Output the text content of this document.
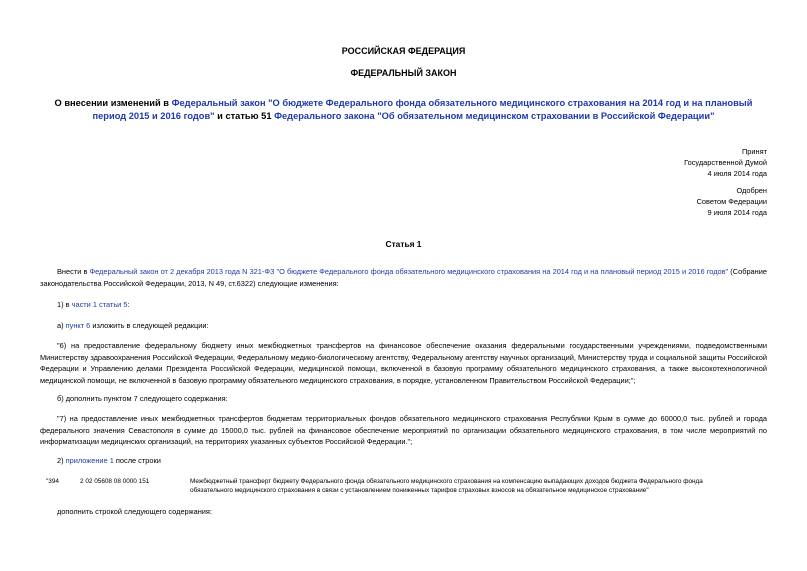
РОССИЙСКАЯ ФЕДЕРАЦИЯ
ФЕДЕРАЛЬНЫЙ ЗАКОН
О внесении изменений в Федеральный закон "О бюджете Федерального фонда обязательного медицинского страхования на 2014 год и на плановый период 2015 и 2016 годов" и статью 51 Федерального закона "Об обязательном медицинском страховании в Российской Федерации"
Принят
Государственной Думой
4 июля 2014 года
Одобрен
Советом Федерации
9 июля 2014 года
Статья 1
Внести в Федеральный закон от 2 декабря 2013 года N 321-ФЗ "О бюджете Федерального фонда обязательного медицинского страхования на 2014 год и на плановый период 2015 и 2016 годов" (Собрание законодательства Российской Федерации, 2013, N 49, ст.6322) следующие изменения:
1) в части 1 статьи 5:
а) пункт 6 изложить в следующей редакции:
"6) на предоставление федеральному бюджету иных межбюджетных трансфертов на финансовое обеспечение оказания федеральными государственными учреждениями, подведомственными Министерству здравоохранения Российской Федерации, Федеральному медико-биологическому агентству, Федеральному агентству научных организаций, Министерству труда и социальной защиты Российской Федерации и Управлению делами Президента Российской Федерации, медицинской помощи, включенной в базовую программу обязательного медицинского страхования, а также высокотехнологичной медицинской помощи, не включенной в базовую программу обязательного медицинского страхования, в порядке, установленном Правительством Российской Федерации;";
б) дополнить пунктом 7 следующего содержания:
"7) на предоставление иных межбюджетных трансфертов бюджетам территориальных фондов обязательного медицинского страхования Республики Крым в сумме до 60000,0 тыс. рублей и города федерального значения Севастополя в сумме до 15000,0 тыс. рублей на финансовое обеспечение мероприятий по организации обязательного медицинского страхования, в том числе мероприятий по информатизации медицинских организаций, на территориях указанных субъектов Российской Федерации.";
2) приложение 1 после строки
"394	2 02 05608 08 0000 151	Межбюджетный трансферт бюджету Федерального фонда обязательного медицинского страхования на компенсацию выпадающих доходов бюджета Федерального фонда обязательного медицинского страхования в связи с установлением пониженных тарифов страховых взносов на обязательное медицинское страхование"
дополнить строкой следующего содержания:
